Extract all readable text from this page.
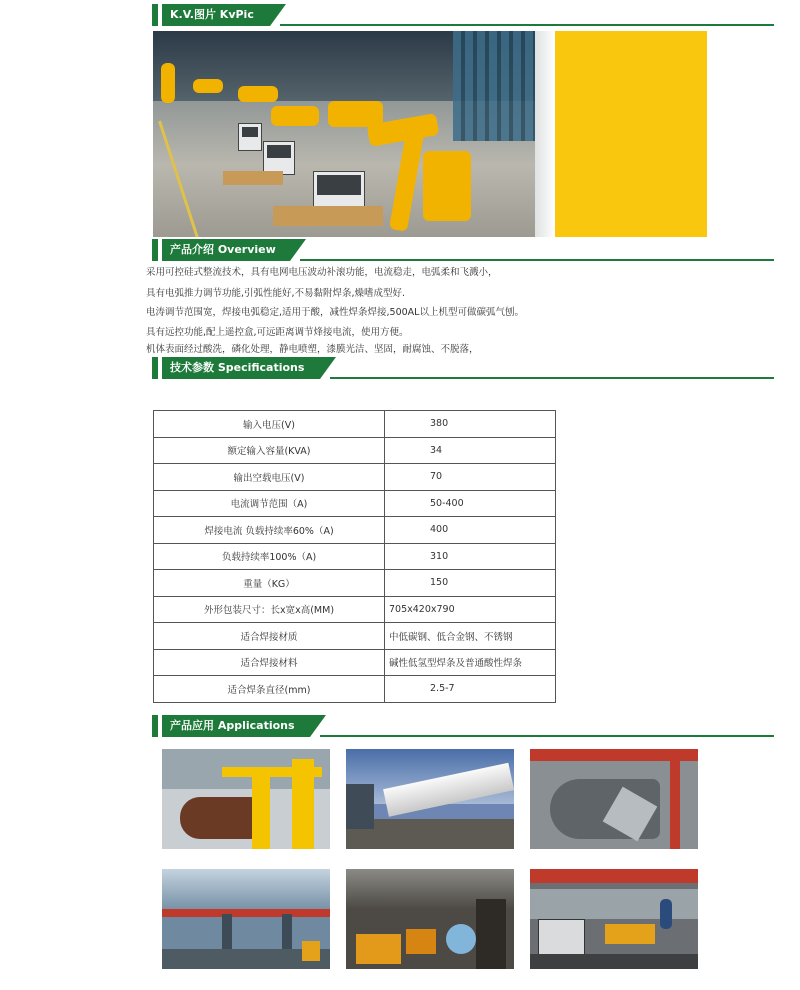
K.V.图片 KvPic
产品介绍 Overview
采用可控硅式整流技术，具有电网电压波动补滚功能，电流稳走，电弧柔和飞溅小，
具有电弧推力调节功能,引弧性能好,不易黏附焊条,燥嗜成型好.
电涛调节范围宽，焊接电弧稳定,适用于酸，减性焊条焊接,500AL以上机型可做碳弧气刨。
具有远控功能,配上遥控盒,可远距离调节烽接电流，使用方便。
机体表面经过酸洗，磷化处理，静电喷塑，漆膜光洁、坚固，耐腐蚀、不脱落，
技术参数 Specifications
输入电压(V)	380

额定输入容量(KVA)	34

输出空载电压(V)	70

电流调节范围（A)	50-400

焊接电流 负载持续率60%（A)	400

负载持续率100%（A)	310

重量（KG）	150

外形包装尺寸：长x宽x高(MM)	705x420x790

适合焊接材质	中低碳钢、低合金钢、不锈钢

适合焊接材料	碱性低氢型焊条及普通酸性焊条

适合焊条直径(mm)	2.5-7
产品应用 Applications
